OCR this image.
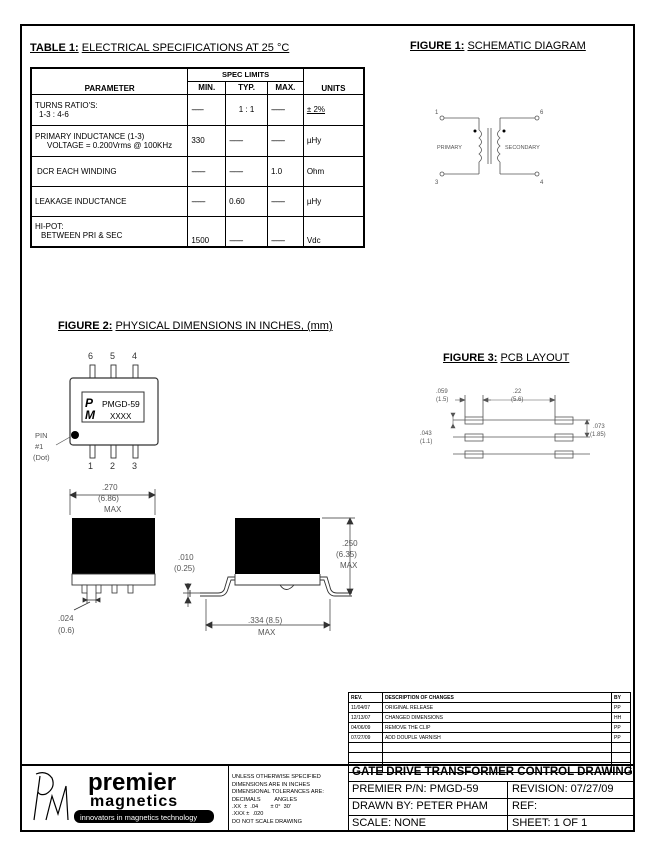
TABLE 1: ELECTRICAL SPECIFICATIONS AT 25 °C
PARAMETER	SPEC LIMITS			UNITS
	MIN.	TYP.	MAX.	

TURNS RATIO'S:
1-3 : 4-6	-------	1 : 1	--------	± 2%

PRIMARY INDUCTANCE (1-3)
VOLTAGE = 0.200Vrms @ 100KHz	330	--------	--------	µHy

DCR EACH WINDING	--------	--------	1.0	Ohm

LEAKAGE INDUCTANCE	--------	0.60	--------	µHy

HI-POT:
BETWEEN PRI & SEC	1500	--------	--------	Vdc
FIGURE 1: SCHEMATIC DIAGRAM
1
3
6
4
PRIMARY	SECONDARY
FIGURE 2: PHYSICAL DIMENSIONS IN INCHES, (mm)
6 5 4
1 2 3
P
M
PMGD-59
XXXX
PIN
#1
(Dot)
.270
(6.86)
MAX
.024
(0.6)
.010
(0.25)
.250
(6.35)
MAX
.334 (8.5)
MAX
FIGURE 3: PCB LAYOUT
.059
(1.5)
.22
(5.6)
.043
(1.1)
.073
(1.85)
REV.	DESCRIPTION OF CHANGES	BY
11/04/07	ORIGINAL RELEASE	PP
12/13/07	CHANGED DIMENSIONS	HH
04/06/09	REMOVE THE CLIP	PP
07/27/09	ADD DOUPLE VARNISH	PP

premier
magnetics
innovators in magnetics technology

UNLESS OTHERWISE SPECIFIED
DIMENSIONS ARE IN INCHES
DIMENSIONAL TOLERANCES ARE:
DECIMALS         ANGLES
.XX  ±  .04        ± 0°  30'
.XXX ±  .020
DO NOT SCALE DRAWING

GATE DRIVE TRANSFORMER CONTROL DRAWING
PREMIER P/N: PMGD-59	REVISION: 07/27/09
DRAWN BY: PETER PHAM	REF:
SCALE: NONE	SHEET: 1 OF 1
